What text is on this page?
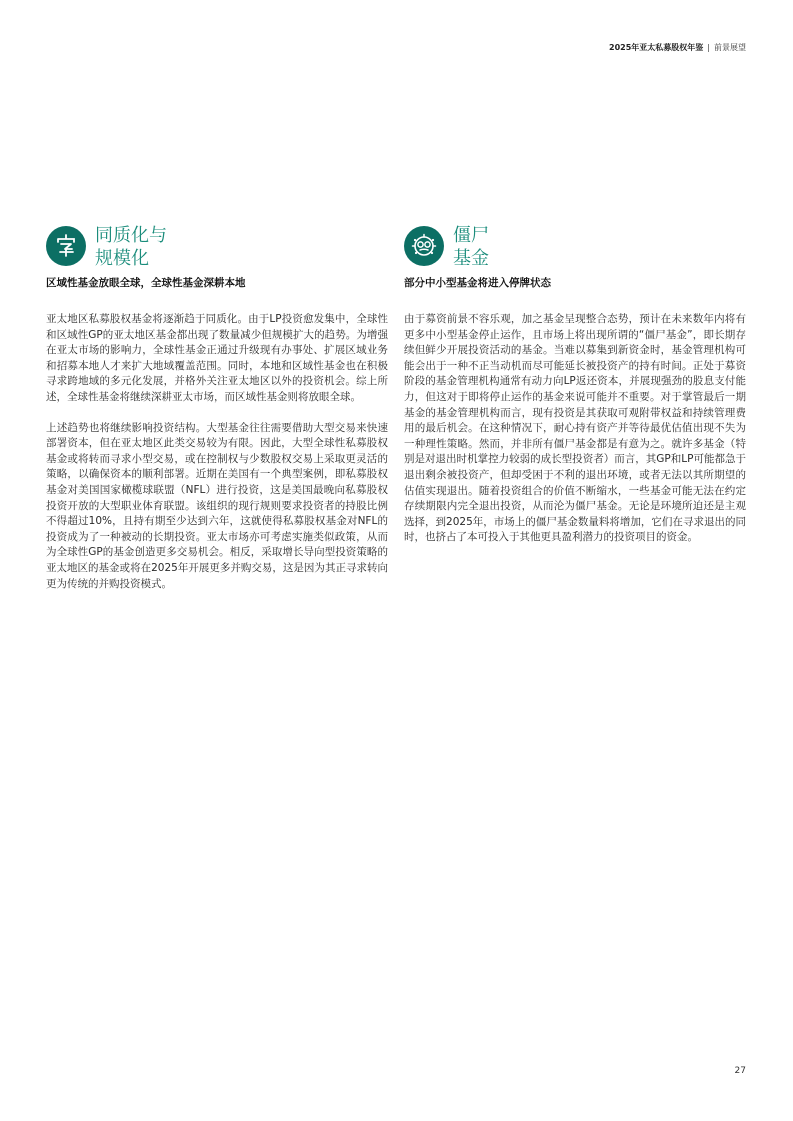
2025年亚太私募股权年鉴 | 前景展望
同质化与
规模化
区域性基金放眼全球，全球性基金深耕本地

亚太地区私募股权基金将逐渐趋于同质化。由于LP投资愈发集中，全球性和区域性GP的亚太地区基金都出现了数量减少但规模扩大的趋势。为增强在亚太市场的影响力，全球性基金正通过升级现有办事处、扩展区域业务和招募本地人才来扩大地域覆盖范围。同时，本地和区域性基金也在积极寻求跨地域的多元化发展，并格外关注亚太地区以外的投资机会。综上所述，全球性基金将继续深耕亚太市场，而区域性基金则将放眼全球。

上述趋势也将继续影响投资结构。大型基金往往需要借助大型交易来快速部署资本，但在亚太地区此类交易较为有限。因此，大型全球性私募股权基金或将转而寻求小型交易，或在控制权与少数股权交易上采取更灵活的策略，以确保资本的顺利部署。近期在美国有一个典型案例，即私募股权基金对美国国家橄榄球联盟（NFL）进行投资，这是美国最晚向私募股权投资开放的大型职业体育联盟。该组织的现行规则要求投资者的持股比例不得超过10%，且持有期至少达到六年，这就使得私募股权基金对NFL的投资成为了一种被动的长期投资。亚太市场亦可考虑实施类似政策，从而为全球性GP的基金创造更多交易机会。相反，采取增长导向型投资策略的亚太地区的基金或将在2025年开展更多并购交易，这是因为其正寻求转向更为传统的并购投资模式。

僵尸
基金
部分中小型基金将进入停牌状态

由于募资前景不容乐观，加之基金呈现整合态势，预计在未来数年内将有更多中小型基金停止运作，且市场上将出现所谓的“僵尸基金”，即长期存续但鲜少开展投资活动的基金。当难以募集到新资金时，基金管理机构可能会出于一种不正当动机而尽可能延长被投资产的持有时间。正处于募资阶段的基金管理机构通常有动力向LP返还资本，并展现强劲的股息支付能力，但这对于即将停止运作的基金来说可能并不重要。对于掌管最后一期基金的基金管理机构而言，现有投资是其获取可观附带权益和持续管理费用的最后机会。在这种情况下，耐心持有资产并等待最优估值出现不失为一种理性策略。然而，并非所有僵尸基金都是有意为之。就许多基金（特别是对退出时机掌控力较弱的成长型投资者）而言，其GP和LP可能都急于退出剩余被投资产，但却受困于不利的退出环境，或者无法以其所期望的估值实现退出。随着投资组合的价值不断缩水，一些基金可能无法在约定存续期限内完全退出投资，从而沦为僵尸基金。无论是环境所迫还是主观选择，到2025年，市场上的僵尸基金数量料将增加，它们在寻求退出的同时，也挤占了本可投入于其他更具盈利潜力的投资项目的资金。

27
